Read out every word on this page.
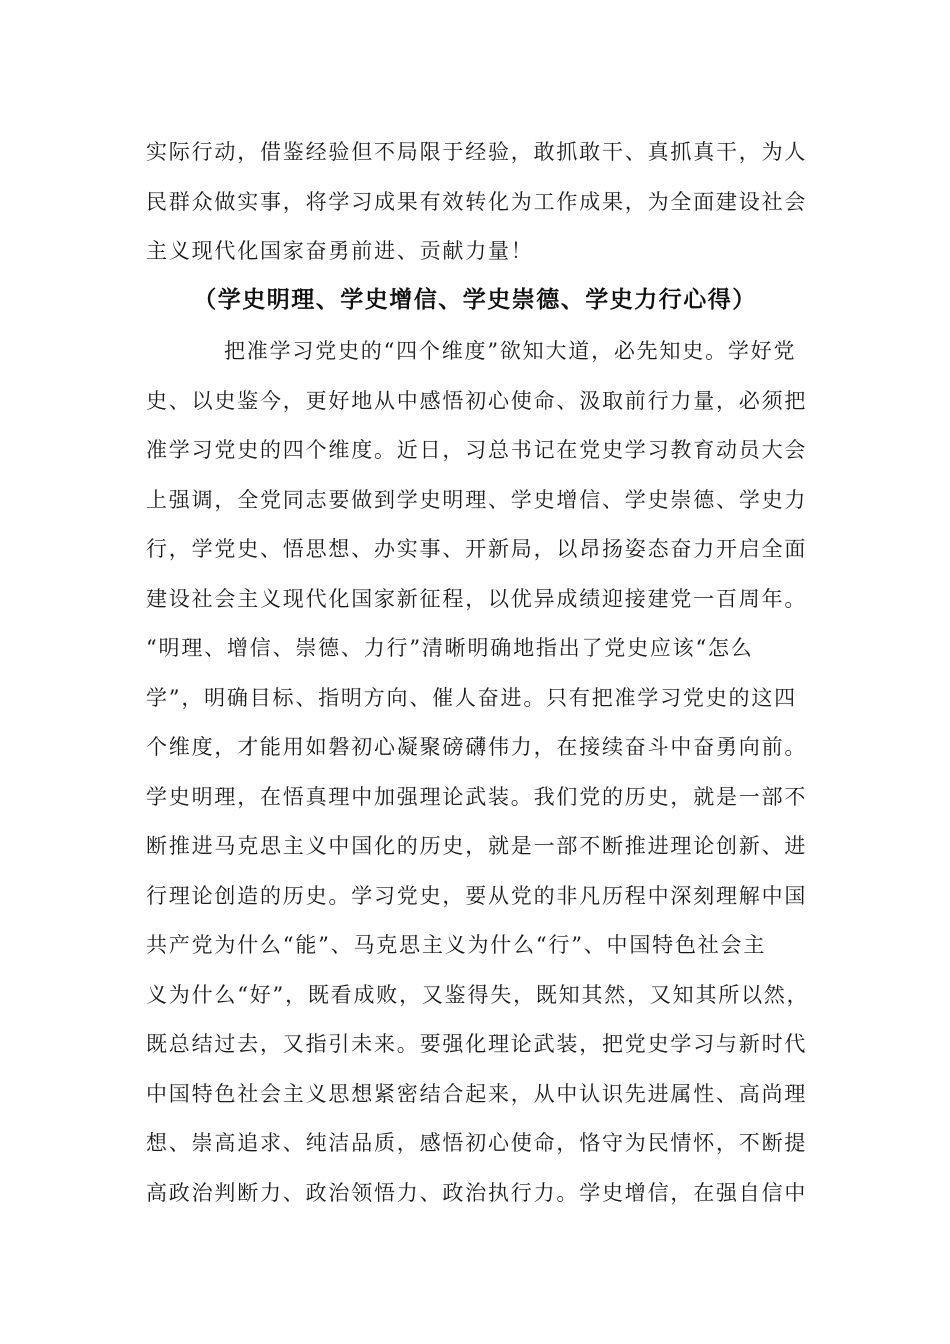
实际行动，借鉴经验但不局限于经验，敢抓敢干、真抓真干，为人
民群众做实事，将学习成果有效转化为工作成果，为全面建设社会
主义现代化国家奋勇前进、贡献力量！
（学史明理、学史增信、学史崇德、学史力行心得）
把准学习党史的“四个维度”欲知大道，必先知史。学好党
史、以史鉴今，更好地从中感悟初心使命、汲取前行力量，必须把
准学习党史的四个维度。近日，习总书记在党史学习教育动员大会
上强调，全党同志要做到学史明理、学史增信、学史崇德、学史力
行，学党史、悟思想、办实事、开新局，以昂扬姿态奋力开启全面
建设社会主义现代化国家新征程，以优异成绩迎接建党一百周年。
“明理、增信、崇德、力行”清晰明确地指出了党史应该“怎么
学”，明确目标、指明方向、催人奋进。只有把准学习党史的这四
个维度，才能用如磐初心凝聚磅礴伟力，在接续奋斗中奋勇向前。
学史明理，在悟真理中加强理论武装。我们党的历史，就是一部不
断推进马克思主义中国化的历史，就是一部不断推进理论创新、进
行理论创造的历史。学习党史，要从党的非凡历程中深刻理解中国
共产党为什么“能”、马克思主义为什么“行”、中国特色社会主
义为什么“好”，既看成败，又鉴得失，既知其然，又知其所以然，
既总结过去，又指引未来。要强化理论武装，把党史学习与新时代
中国特色社会主义思想紧密结合起来，从中认识先进属性、高尚理
想、崇高追求、纯洁品质，感悟初心使命，恪守为民情怀，不断提
高政治判断力、政治领悟力、政治执行力。学史增信，在强自信中
